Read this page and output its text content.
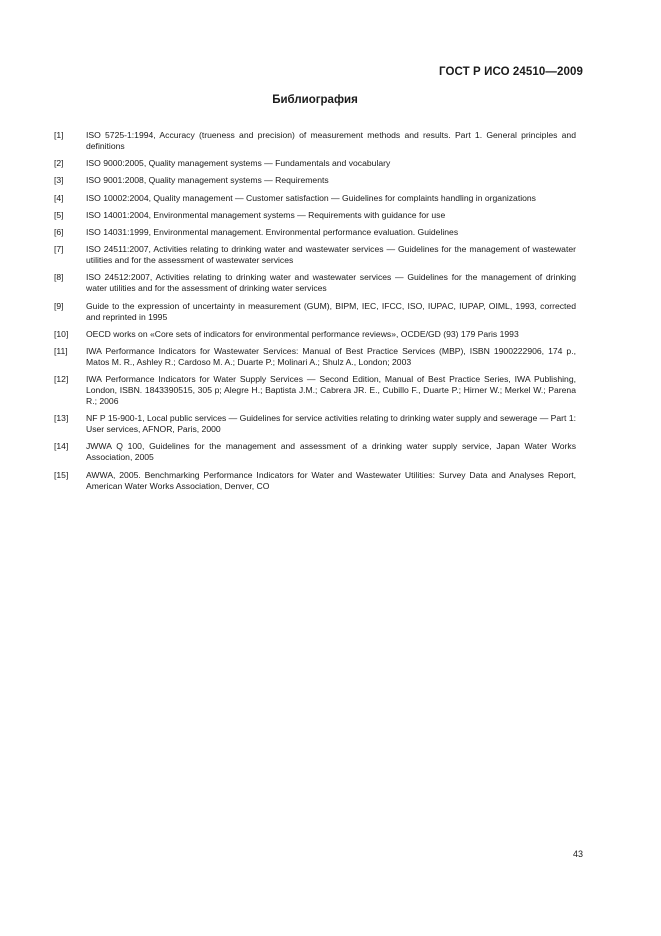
ГОСТ Р ИСО 24510—2009
Библиография
[1]	ISO 5725-1:1994, Accuracy (trueness and precision) of measurement methods and results. Part 1. General principles and definitions
[2]	ISO 9000:2005, Quality management systems — Fundamentals and vocabulary
[3]	ISO 9001:2008, Quality management systems — Requirements
[4]	ISO 10002:2004, Quality management — Customer satisfaction — Guidelines for complaints handling in organizations
[5]	ISO 14001:2004, Environmental management systems — Requirements with guidance for use
[6]	ISO 14031:1999, Environmental management. Environmental performance evaluation. Guidelines
[7]	ISO 24511:2007, Activities relating to drinking water and wastewater services — Guidelines for the management of wastewater utilities and for the assessment of wastewater services
[8]	ISO 24512:2007, Activities relating to drinking water and wastewater services — Guidelines for the management of drinking water utilities and for the assessment of drinking water services
[9]	Guide to the expression of uncertainty in measurement (GUM), BIPM, IEC, IFCC, ISO, IUPAC, IUPAP, OIML, 1993, corrected and reprinted in 1995
[10]	OECD works on «Core sets of indicators for environmental performance reviews», OCDE/GD (93) 179 Paris 1993
[11]	IWA Performance Indicators for Wastewater Services: Manual of Best Practice Services (MBP), ISBN 1900222906, 174 p., Matos M. R., Ashley R.; Cardoso M. A.; Duarte P.; Molinari A.; Shulz A., London; 2003
[12]	IWA Performance Indicators for Water Supply Services — Second Edition, Manual of Best Practice Series, IWA Publishing, London, ISBN. 1843390515, 305 p; Alegre H.; Baptista J.M.; Cabrera JR. E., Cubillo F., Duarte P.; Hirner W.; Merkel W.; Parena R.; 2006
[13]	NF P 15-900-1, Local public services — Guidelines for service activities relating to drinking water supply and sewerage — Part 1: User services, AFNOR, Paris, 2000
[14]	JWWA Q 100, Guidelines for the management and assessment of a drinking water supply service, Japan Water Works Association, 2005
[15]	AWWA, 2005. Benchmarking Performance Indicators for Water and Wastewater Utilities: Survey Data and Analyses Report, American Water Works Association, Denver, CO
43
